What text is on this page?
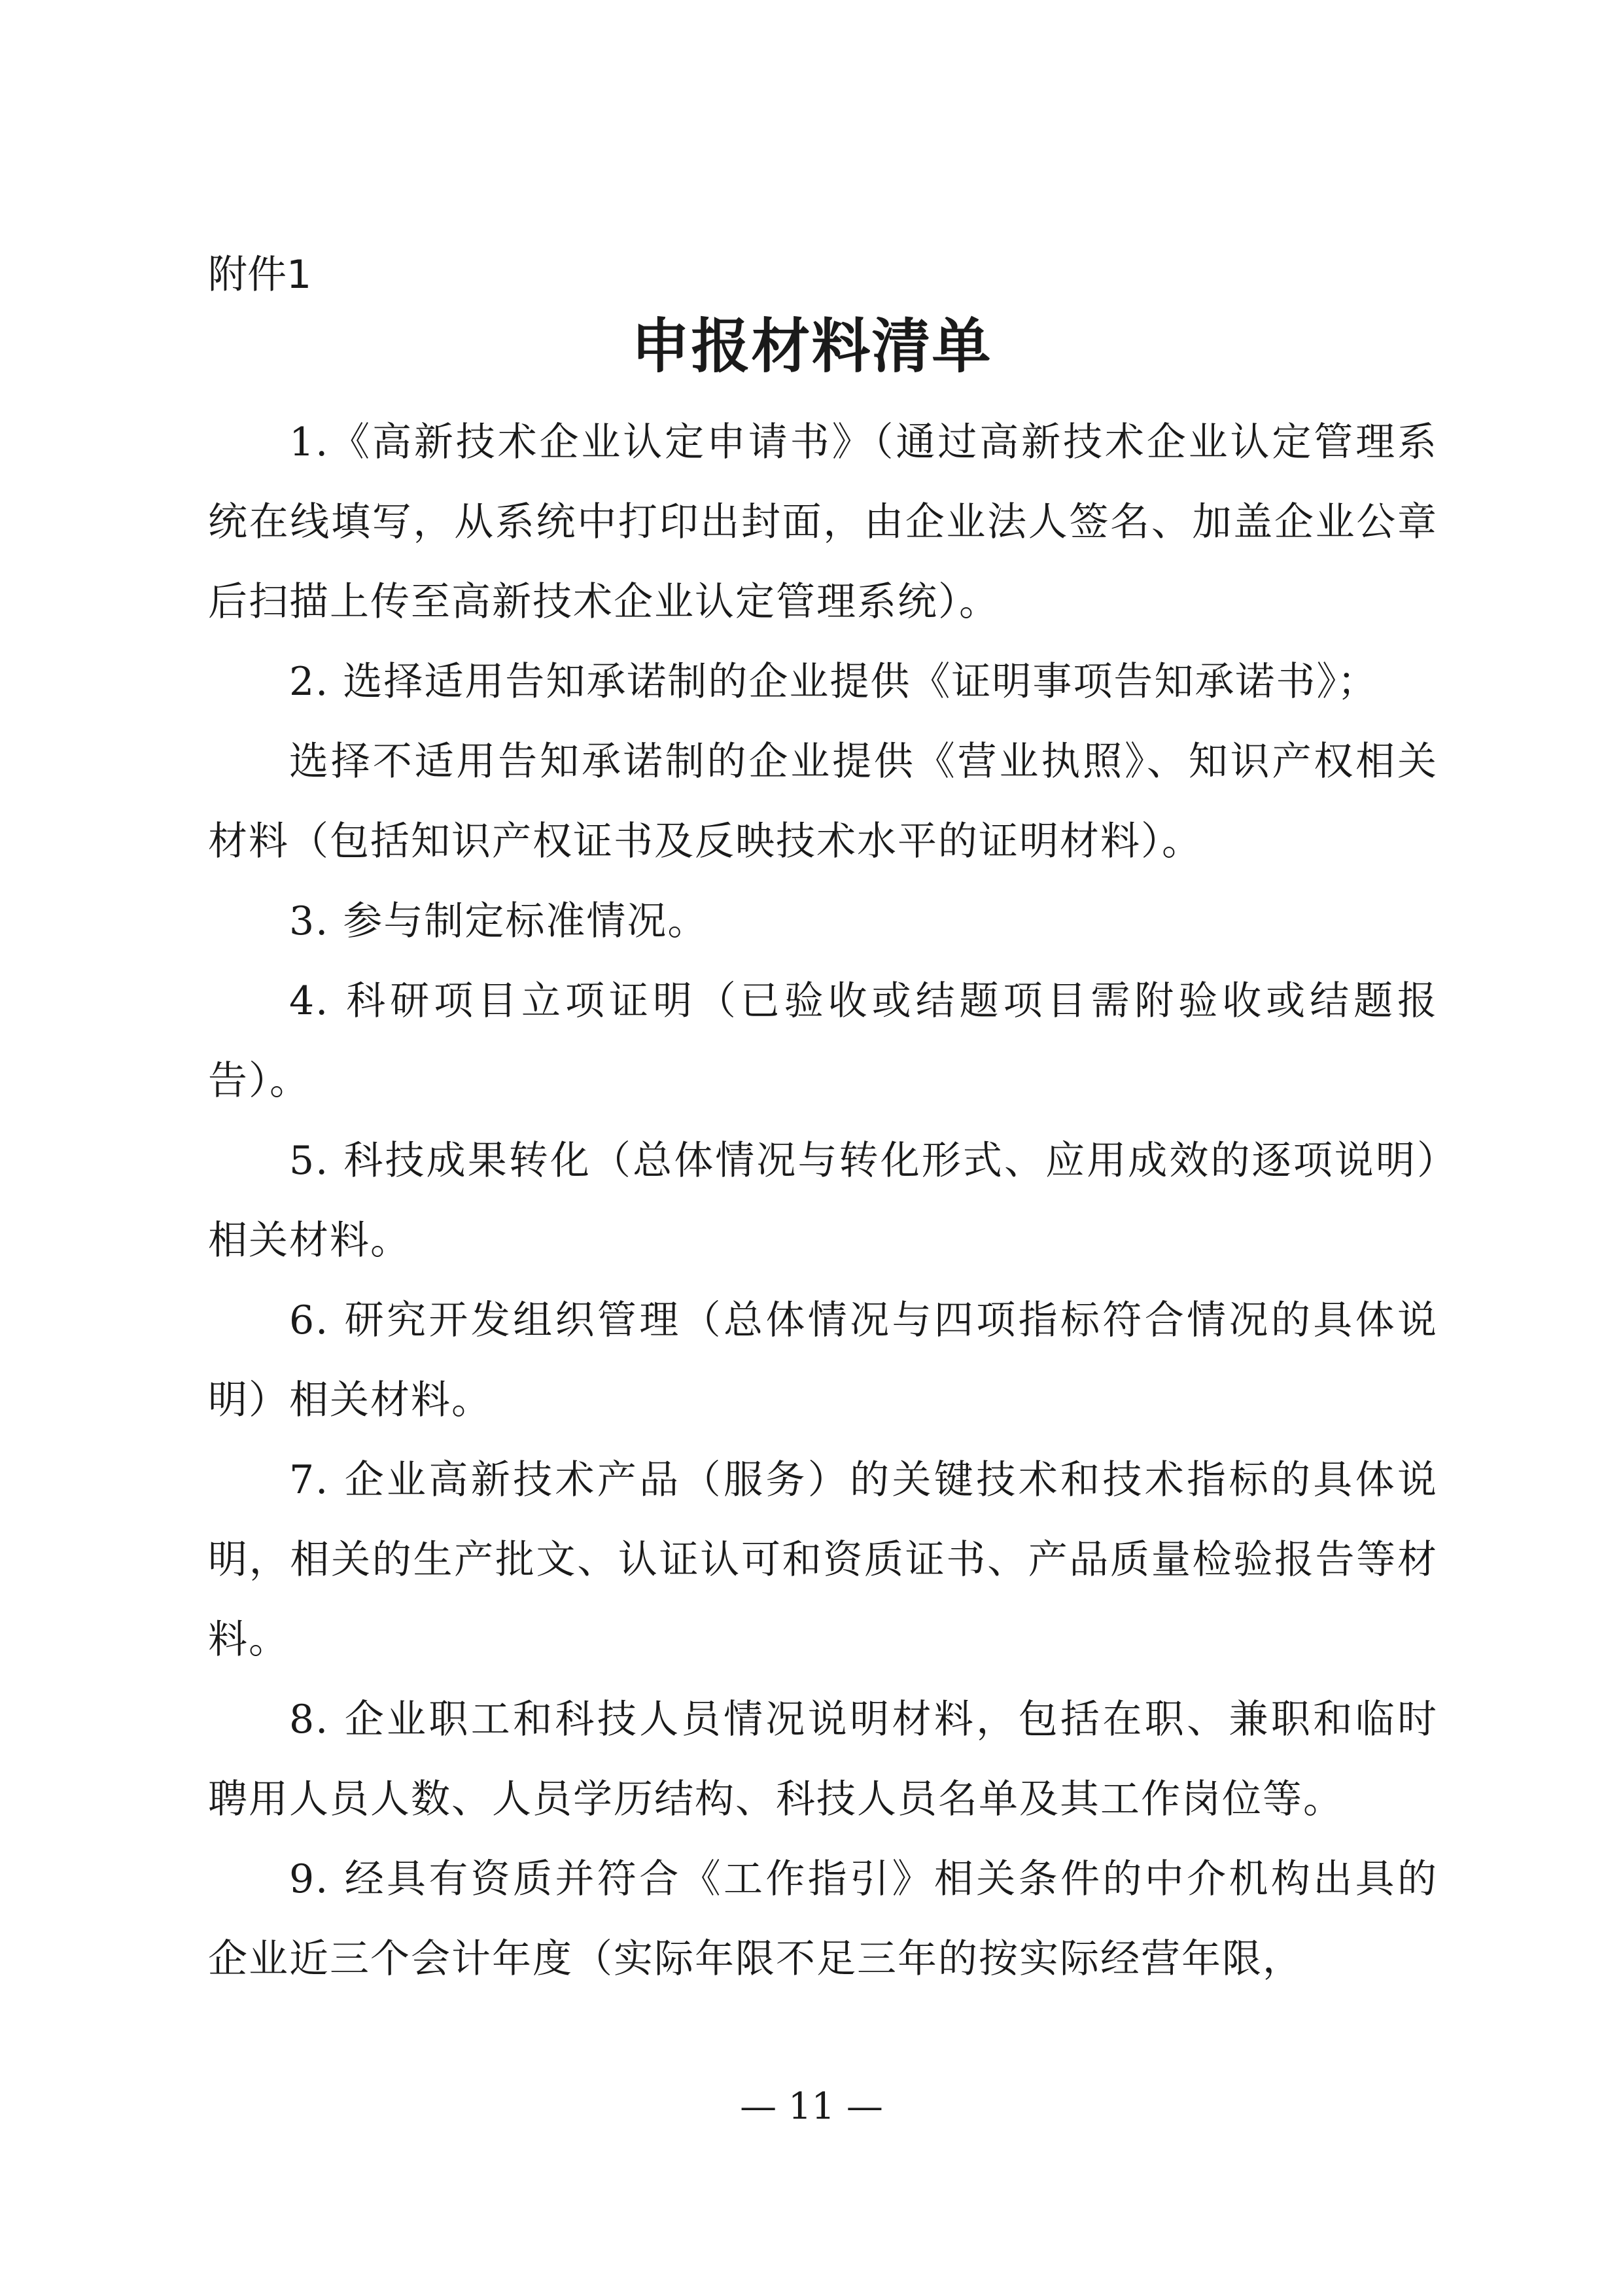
附件1
申报材料清单

1.《高新技术企业认定申请书》（通过高新技术企业认定管理系统在线填写，从系统中打印出封面，由企业法人签名、加盖企业公章后扫描上传至高新技术企业认定管理系统）。

2. 选择适用告知承诺制的企业提供《证明事项告知承诺书》；

选择不适用告知承诺制的企业提供《营业执照》、知识产权相关材料（包括知识产权证书及反映技术水平的证明材料）。

3. 参与制定标准情况。

4. 科研项目立项证明（已验收或结题项目需附验收或结题报告）。

5. 科技成果转化（总体情况与转化形式、应用成效的逐项说明）相关材料。

6. 研究开发组织管理（总体情况与四项指标符合情况的具体说明）相关材料。

7. 企业高新技术产品（服务）的关键技术和技术指标的具体说明，相关的生产批文、认证认可和资质证书、产品质量检验报告等材料。

8. 企业职工和科技人员情况说明材料，包括在职、兼职和临时聘用人员人数、人员学历结构、科技人员名单及其工作岗位等。

9. 经具有资质并符合《工作指引》相关条件的中介机构出具的企业近三个会计年度（实际年限不足三年的按实际经营年限，

— 11 —
